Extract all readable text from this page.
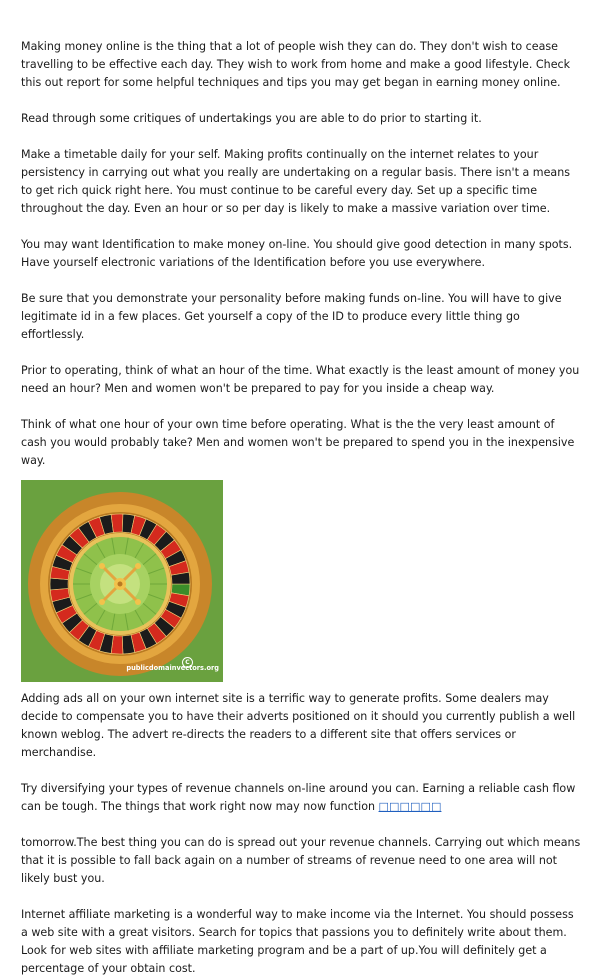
Making money online is the thing that a lot of people wish they can do. They don't wish to cease travelling to be effective each day. They wish to work from home and make a good lifestyle. Check this out report for some helpful techniques and tips you may get began in earning money online.

Read through some critiques of undertakings you are able to do prior to starting it.

Make a timetable daily for your self. Making profits continually on the internet relates to your persistency in carrying out what you really are undertaking on a regular basis. There isn't a means to get rich quick right here. You must continue to be careful every day. Set up a specific time throughout the day. Even an hour or so per day is likely to make a massive variation over time.

You may want Identification to make money on-line. You should give good detection in many spots. Have yourself electronic variations of the Identification before you use everywhere.

Be sure that you demonstrate your personality before making funds on-line. You will have to give legitimate id in a few places. Get yourself a copy of the ID to produce every little thing go effortlessly.

Prior to operating, think of what an hour of the time. What exactly is the least amount of money you need an hour? Men and women won't be prepared to pay for you inside a cheap way.

Think of what one hour of your own time before operating. What is the the very least amount of cash you would probably take? Men and women won't be prepared to spend you in the inexpensive way.

C
publicdomainvectors.org

Adding ads all on your own internet site is a terrific way to generate profits. Some dealers may decide to compensate you to have their adverts positioned on it should you currently publish a well known weblog. The advert re-directs the readers to a different site that offers services or merchandise.

Try diversifying your types of revenue channels on-line around you can. Earning a reliable cash flow can be tough. The things that work right now may now function □□□□□□

tomorrow.The best thing you can do is spread out your revenue channels. Carrying out which means that it is possible to fall back again on a number of streams of revenue need to one area will not likely bust you.

Internet affiliate marketing is a wonderful way to make income via the Internet. You should possess a web site with a great visitors. Search for topics that passions you to definitely write about them. Look for web sites with affiliate marketing program and be a part of up.You will definitely get a percentage of your obtain cost.
